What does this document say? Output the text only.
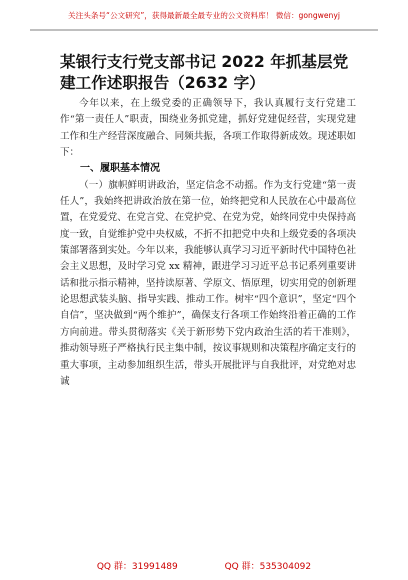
关注头条号“公文研究”，获得最新最全最专业的公文资料库！ 微信：gongwenyj
某银行支行党支部书记 2022 年抓基层党建工作述职报告（2632 字）

今年以来，在上级党委的正确领导下，我认真履行支行党建工作“第一责任人”职责，围绕业务抓党建，抓好党建促经营，实现党建工作和生产经营深度融合、同频共振，各项工作取得新成效。现述职如下：

一、履职基本情况

（一）旗帜鲜明讲政治，坚定信念不动摇。作为支行党建“第一责任人”，我始终把讲政治放在第一位，始终把党和人民放在心中最高位置，在党爱党、在党言党、在党护党、在党为党，始终同党中央保持高度一致，自觉维护党中央权威，不折不扣把党中央和上级党委的各项决策部署落到实处。今年以来，我能够认真学习习近平新时代中国特色社会主义思想，及时学习党 xx 精神，跟进学习习近平总书记系列重要讲话和批示指示精神，坚持读原著、学原文、悟原理，切实用党的创新理论思想武装头脑、指导实践、推动工作。树牢“四个意识”，坚定“四个自信”，坚决做到“两个维护”，确保支行各项工作始终沿着正确的工作方向前进。带头贯彻落实《关于新形势下党内政治生活的若干准则》，推动领导班子严格执行民主集中制，按议事规则和决策程序确定支行的重大事项，主动参加组织生活，带头开展批评与自我批评，对党绝对忠诚

QQ 群：31991489	QQ 群：535304092
